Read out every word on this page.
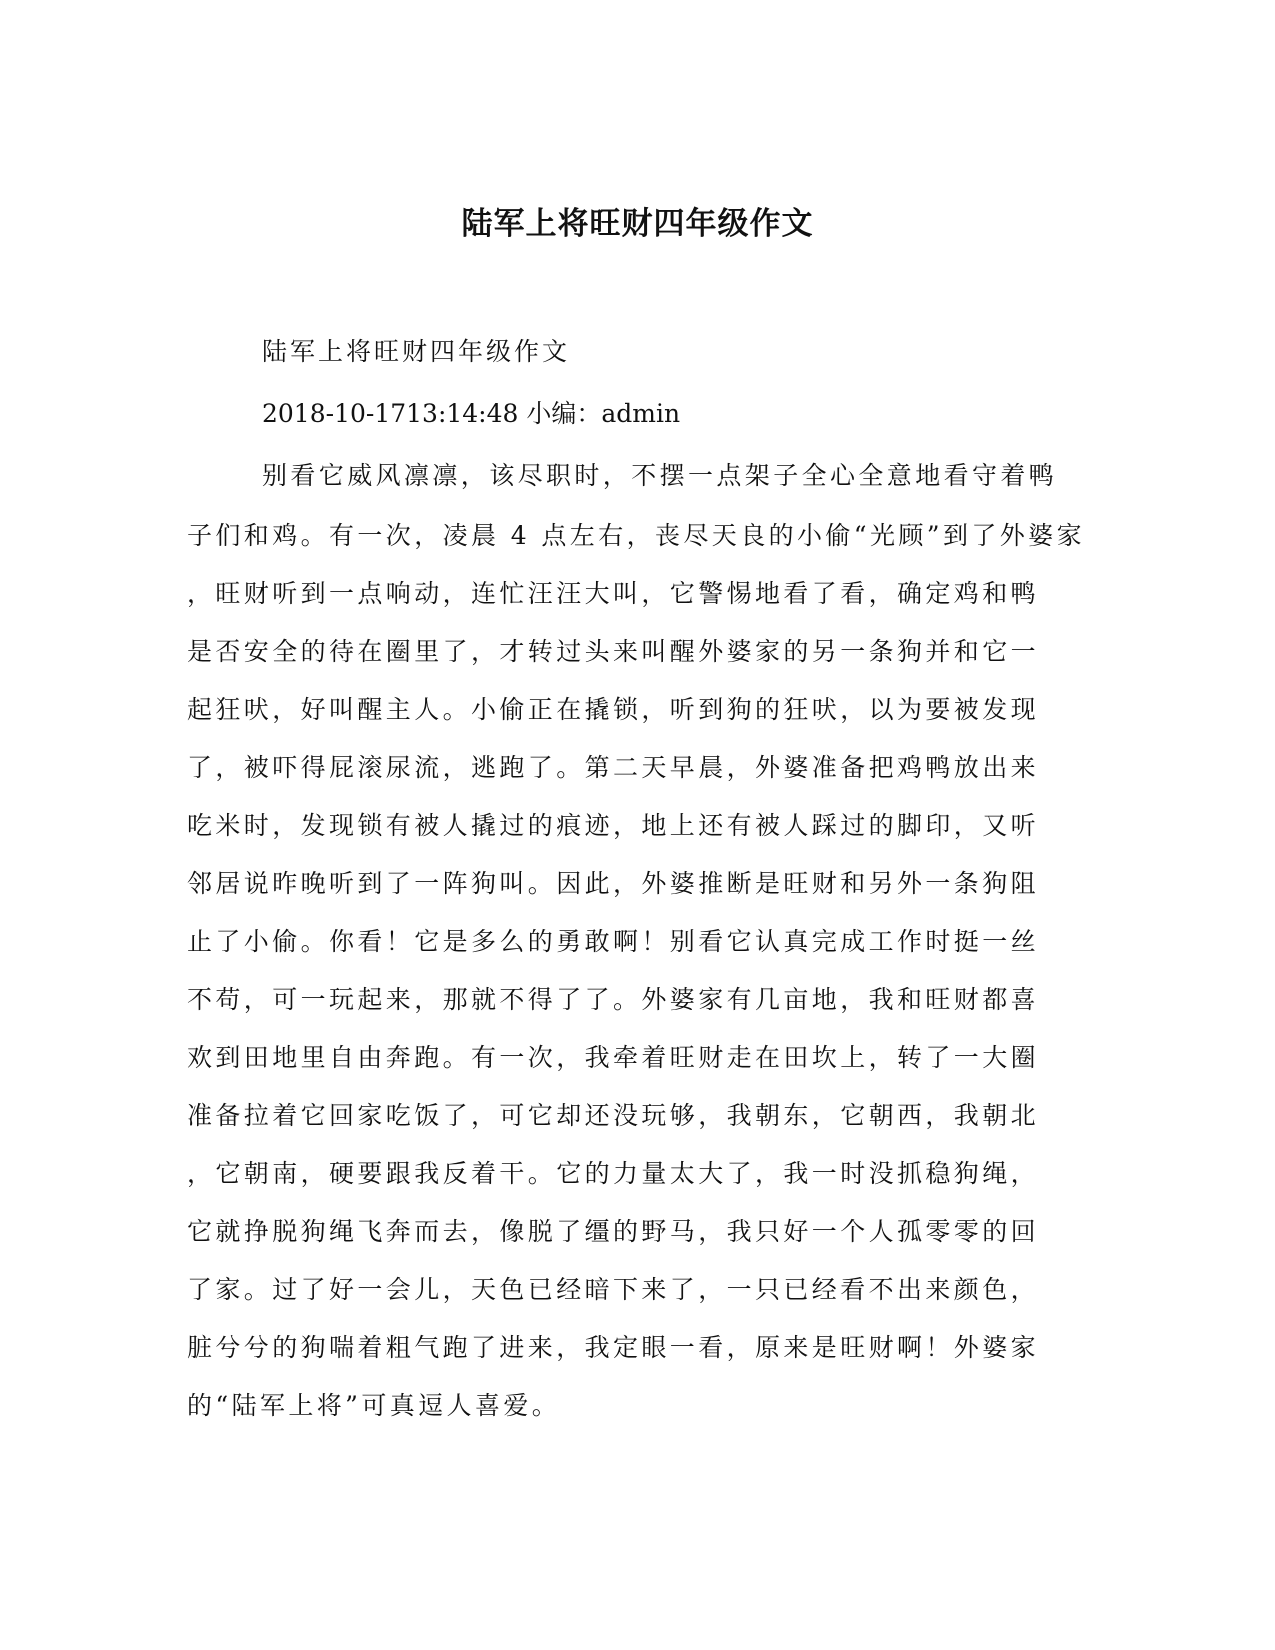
陆军上将旺财四年级作文

陆军上将旺财四年级作文

2018-10-1713:14:48 小编：admin

别看它威风凛凛，该尽职时，不摆一点架子全心全意地看守着鸭
子们和鸡。有一次，凌晨 4 点左右，丧尽天良的小偷“光顾”到了外婆家
，旺财听到一点响动，连忙汪汪大叫，它警惕地看了看，确定鸡和鸭
是否安全的待在圈里了，才转过头来叫醒外婆家的另一条狗并和它一
起狂吠，好叫醒主人。小偷正在撬锁，听到狗的狂吠，以为要被发现
了，被吓得屁滚尿流，逃跑了。第二天早晨，外婆准备把鸡鸭放出来
吃米时，发现锁有被人撬过的痕迹，地上还有被人踩过的脚印，又听
邻居说昨晚听到了一阵狗叫。因此，外婆推断是旺财和另外一条狗阻
止了小偷。你看！它是多么的勇敢啊！别看它认真完成工作时挺一丝
不苟，可一玩起来，那就不得了了。外婆家有几亩地，我和旺财都喜
欢到田地里自由奔跑。有一次，我牵着旺财走在田坎上，转了一大圈
准备拉着它回家吃饭了，可它却还没玩够，我朝东，它朝西，我朝北
，它朝南，硬要跟我反着干。它的力量太大了，我一时没抓稳狗绳，
它就挣脱狗绳飞奔而去，像脱了缰的野马，我只好一个人孤零零的回
了家。过了好一会儿，天色已经暗下来了，一只已经看不出来颜色，
脏兮兮的狗喘着粗气跑了进来，我定眼一看，原来是旺财啊！外婆家
的“陆军上将”可真逗人喜爱。
